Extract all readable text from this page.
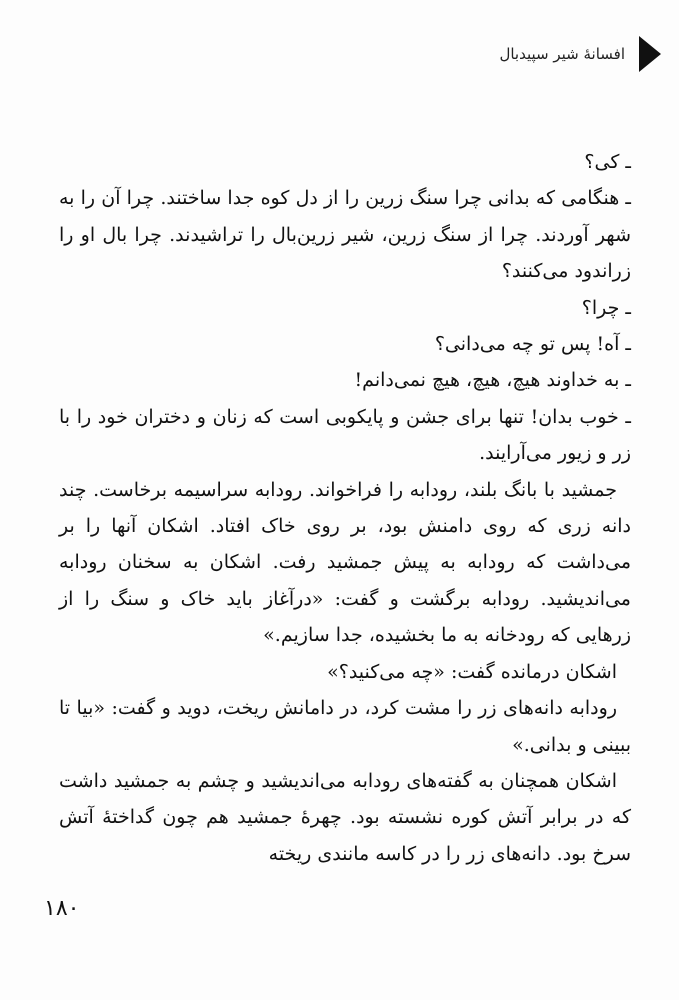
افسانهٔ شیر سپیدبال

ـ کی؟

ـ هنگامی که بدانی چرا سنگ زرین را از دل کوه جدا ساختند. چرا آن را به شهر آوردند. چرا از سنگ زرین، شیر زرین‌بال را تراشیدند. چرا بال او را زراندود می‌کنند؟

ـ چرا؟

ـ آه! پس تو چه می‌دانی؟

ـ به خداوند هیچ، هیچ، هیچ نمی‌دانم!

ـ خوب بدان! تنها برای جشن و پایکوبی است که زنان و دختران خود را با زر و زیور می‌آرایند.

جمشید با بانگ بلند، رودابه را فراخواند. رودابه سراسیمه برخاست. چند دانه زری که روی دامنش بود، بر روی خاک افتاد. اشکان آنها را بر می‌داشت که رودابه به پیش جمشید رفت. اشکان به سخنان رودابه می‌اندیشید. رودابه برگشت و گفت: «درآغاز باید خاک و سنگ را از زرهایی که رودخانه به ما بخشیده، جدا سازیم.»

اشکان درمانده گفت: «چه می‌کنید؟»

رودابه دانه‌های زر را مشت کرد، در دامانش ریخت، دوید و گفت: «بیا تا ببینی و بدانی.»

اشکان همچنان به گفته‌های رودابه می‌اندیشید و چشم به جمشید داشت که در برابر آتش کوره نشسته بود. چهرهٔ جمشید هم چون گداختهٔ آتش سرخ بود. دانه‌های زر را در کاسه مانندی ریخته

۱۸۰
